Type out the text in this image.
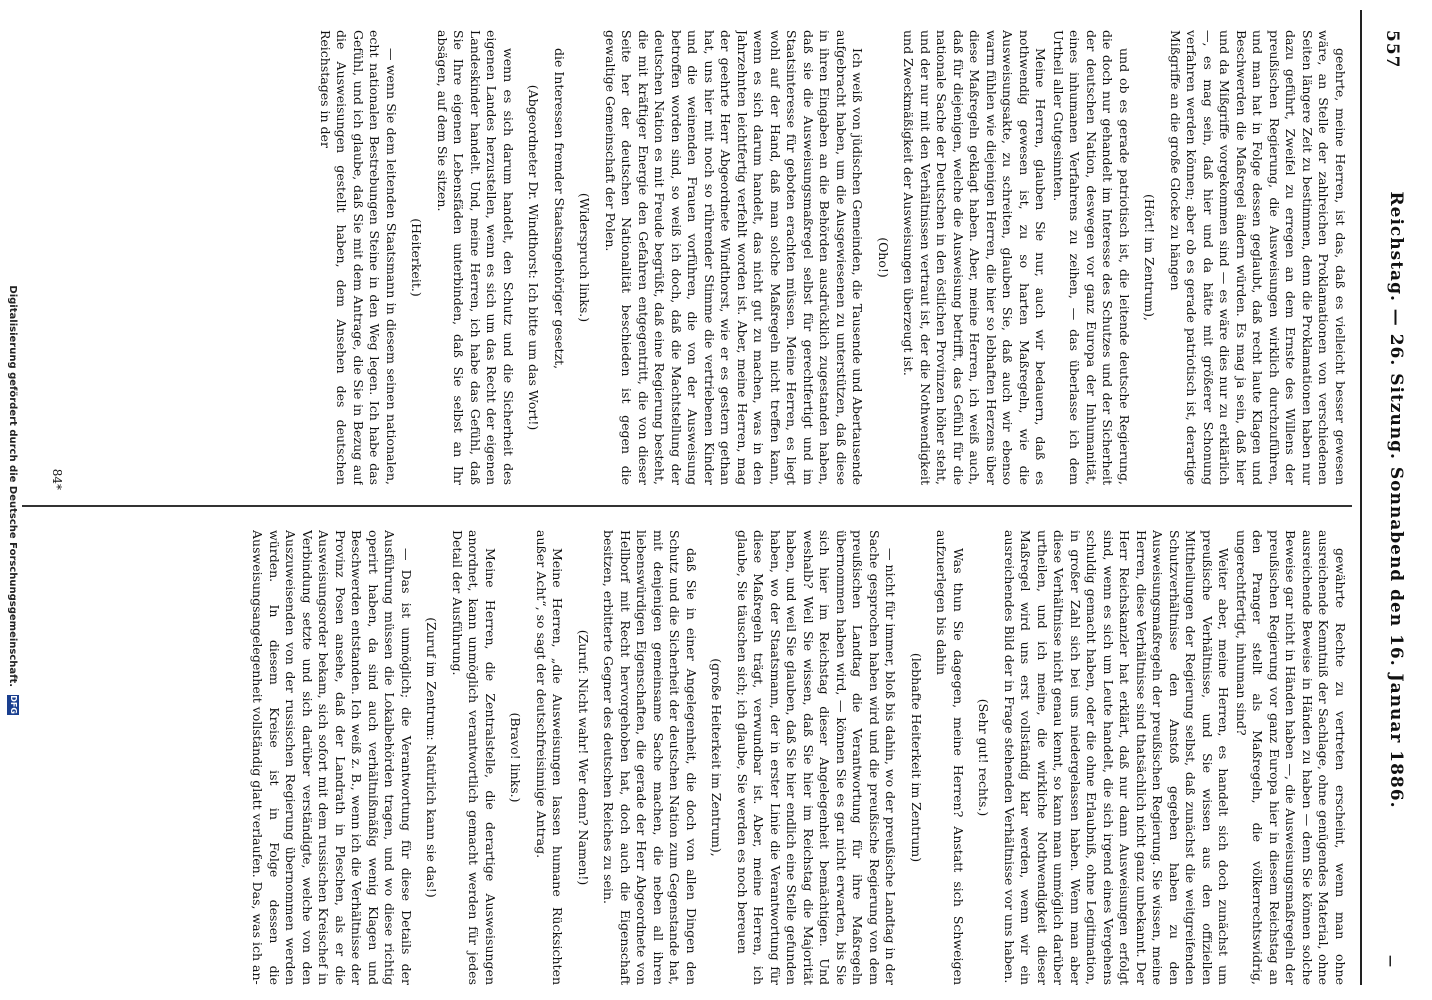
557
Reichstag. — 26. Sitzung. Sonnabend den 16. Januar 1886.
—

geehrte, meine Herren, ist das, daß es vielleicht besser gewesen wäre, an Stelle der zahlreichen Proklamationen von verschiedenen Seiten längere Zeit zu bestimmen, denn die Proklamationen haben nur dazu geführt, Zweifel zu erregen an dem Ernste des Willens der preußischen Regierung, die Ausweisungen wirklich durchzuführen, und man hat in Folge dessen geglaubt, daß recht laute Klagen und Beschwerden die Maßregel ändern würden. Es mag ja sein, daß hier und da Mißgriffe vorgekommen sind — es wäre dies nur zu erklärlich —, es mag sein, daß hier und da hätte mit größerer Schonung verfahren werden können; aber ob es gerade patriotisch ist, derartige Mißgriffe an die große Glocke zu hängen

(Hört! im Zentrum),

und ob es gerade patriotisch ist, die leitende deutsche Regierung, die doch nur gehandelt im Interesse des Schutzes und der Sicherheit der deutschen Nation, deswegen vor ganz Europa der Inhumanität, eines inhumanen Verfahrens zu zeihen, — das überlasse ich dem Urtheil aller Gutgesinnten.

Meine Herren, glauben Sie nur, auch wir bedauern, daß es nothwendig gewesen ist, zu so harten Maßregeln, wie die Ausweisungsakte, zu schreiten, glauben Sie, daß auch wir ebenso warm fühlen wie diejenigen Herren, die hier so lebhaften Herzens über diese Maßregeln geklagt haben. Aber, meine Herren, ich weiß auch, daß für diejenigen, welche die Ausweisung betrifft, das Gefühl für die nationale Sache der Deutschen in den östlichen Provinzen höher steht, und der nur mit den Verhältnissen vertraut ist, der die Nothwendigkeit und Zweckmäßigkeit der Ausweisungen überzeugt ist.

(Oho!)

Ich weiß von jüdischen Gemeinden, die Tausende und Abertausende aufgebracht haben, um die Ausgewiesenen zu unterstützen, daß diese in ihren Eingaben an die Behörden ausdrücklich zugestanden haben, daß sie die Ausweisungsmaßregel selbst für gerechtfertigt und im Staatsinteresse für geboten erachten müssen. Meine Herren, es liegt wohl auf der Hand, daß man solche Maßregeln nicht treffen kann, wenn es sich darum handelt, das nicht gut zu machen, was in den Jahrzehnten leichtfertig verfehlt worden ist. Aber, meine Herren, mag der geehrte Herr Abgeordnete Windthorst, wie er es gestern gethan hat, uns hier mit noch so rührender Stimme die vertriebenen Kinder und die weinenden Frauen vorführen, die von der Ausweisung betroffen worden sind, so weiß ich doch, daß die Machtstellung der deutschen Nation es mit Freude begrüßt, daß eine Regierung besteht, die mit kräftiger Energie den Gefahren entgegentritt, die von dieser Seite her der deutschen Nationalität beschieden ist gegen die gewaltige Gemeinschaft der Polen.

(Widerspruch links.)

die Interessen fremder Staatsangehöriger gesetzt,

(Abgeordneter Dr. Windthorst: Ich bitte um das Wort!)

wenn es sich darum handelt, den Schutz und die Sicherheit des eigenen Landes herzustellen, wenn es sich um das Recht der eigenen Landeskinder handelt. Und, meine Herren, ich habe das Gefühl, daß Sie Ihre eigenen Lebensfäden unterbinden, daß Sie selbst an Ihr absägen, auf dem Sie sitzen.

(Heiterkeit.)

— wenn Sie dem leitenden Staatsmann in diesem seinen nationalen, echt nationalen Bestrebungen Steine in den Weg legen. Ich habe das Gefühl, und ich glaube, daß Sie mit dem Antrage, die Sie in Bezug auf die Ausweisungen gestellt haben, dem Ansehen des deutschen Reichstages in der

gewährte Rechte zu vertreten erscheint, wenn man ohne ausreichende Kenntniß der Sachlage, ohne genügendes Material, ohne ausreichende Beweise in Händen zu haben — denn Sie können solche Beweise gar nicht in Händen haben —, die Ausweisungsmaßregeln der preußischen Regierung vor ganz Europa hier in diesem Reichstag an den Pranger stellt als Maßregeln, die völkerrechtswidrig, ungerechtfertigt, inhuman sind?

Weiter aber, meine Herren, es handelt sich doch zunächst um preußische Verhältnisse, und Sie wissen aus den offiziellen Mittheilungen der Regierung selbst, daß zunächst die weitgreifenden Schutzverhältnisse den Anstoß gegeben haben zu den Ausweisungsmaßregeln der preußischen Regierung. Sie wissen, meine Herren, diese Verhältnisse sind thatsächlich nicht ganz unbekannt. Der Herr Reichskanzler hat erklärt, daß nur dann Ausweisungen erfolgt sind, wenn es sich um Leute handelt, die sich irgend eines Vergehens schuldig gemacht haben, oder die ohne Erlaubniß, ohne Legitimation, in großer Zahl sich bei uns niedergelassen haben. Wenn man aber diese Verhältnisse nicht genau kennt, so kann man unmöglich darüber urtheilen, und ich meine, die wirkliche Nothwendigkeit dieser Maßregel wird uns erst vollständig klar werden, wenn wir ein ausreichendes Bild der in Frage stehenden Verhältnisse vor uns haben.

(Sehr gut! rechts.)

Was thun Sie dagegen, meine Herren? Anstatt sich Schweigen aufzuerlegen bis dahin

(lebhafte Heiterkeit im Zentrum)

— nicht für immer, bloß bis dahin, wo der preußische Landtag in der Sache gesprochen haben wird und die preußische Regierung von dem preußischen Landtag die Verantwortung für ihre Maßregeln übernommen haben wird, — können Sie es gar nicht erwarten, bis Sie sich hier im Reichstag dieser Angelegenheit bemächtigen. Und weshalb? Weil Sie wissen, daß Sie hier im Reichstag die Majorität haben, und weil Sie glauben, daß Sie hier endlich eine Stelle gefunden haben, wo der Staatsmann, der in erster Linie die Verantwortung für diese Maßregeln trägt, verwundbar ist. Aber, meine Herren, ich glaube, Sie täuschen sich; ich glaube, Sie werden es noch bereuen

(große Heiterkeit im Zentrum),

daß Sie in einer Angelegenheit, die doch von allen Dingen den Schutz und die Sicherheit der deutschen Nation zum Gegenstande hat, mit denjenigen gemeinsame Sache machen, die neben all ihren liebenswürdigen Eigenschaften, die gerade der Herr Abgeordnete von Hellborf mit Recht hervorgehoben hat, doch auch die Eigenschaft besitzen, erbitterte Gegner des deutschen Reiches zu sein.

(Zuruf: Nicht wahr! Wer denn? Namen!)

Meine Herren, „die Ausweisungen lassen humane Rücksichten außer Acht“, so sagt der deutschfreisinnige Antrag.

(Bravo! links.)

Meine Herren, die Zentralstelle, die derartige Ausweisungen anordnet, kann unmöglich verantwortlich gemacht werden für jedes Detail der Ausführung.

(Zuruf im Zentrum: Natürlich kann sie das!)

— Das ist unmöglich; die Verantwortung für diese Details der Ausführung müssen die Lokalbehörden tragen, und wo diese richtig operirt haben, da sind auch verhältnißmäßig wenig Klagen und Beschwerden entstanden. Ich weiß z. B., wenn ich die Verhältnisse der Provinz Posen ansehe, daß der Landrath in Pleschen, als er die Ausweisungsorder bekam, sich sofort mit dem russischen Kreischef in Verbindung setzte und sich darüber verständigte, welche von den Auszuweisenden von der russischen Regierung übernommen werden würden. In diesem Kreise ist in Folge dessen die Ausweisungsangelegenheit vollständig glatt verlaufen. Das, was ich an-

84*
Digitalisierung gefördert durch die Deutsche Forschungsgemeinschaft. DFG
